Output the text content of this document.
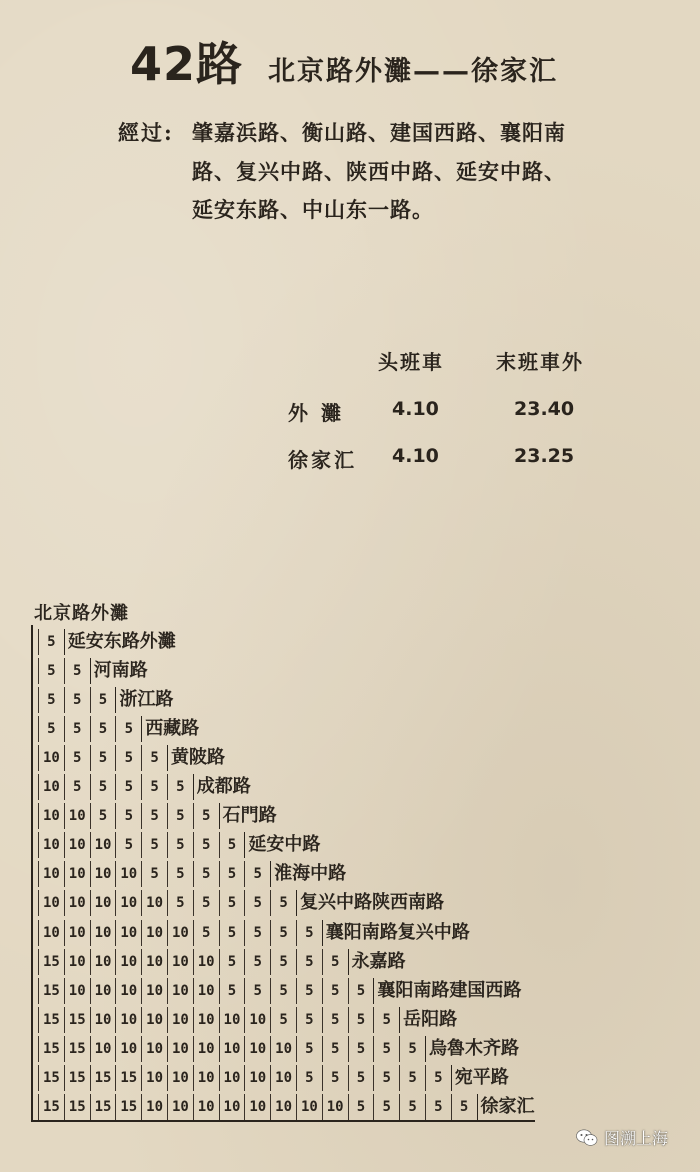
42路 北京路外灘——徐家汇
經过: 肇嘉浜路、衡山路、建国西路、襄阳南
路、复兴中路、陕西中路、延安中路、
延安东路、中山东一路。
头班車	末班車外
外 灘	4.10	23.40
徐家汇 4.10	23.25
北京路外灘
5 延安东路外灘
5	5 河南路
5	5	5 浙江路
5	5	5	5 西藏路
10 5	5	5	5 黄陂路
10 5	5	5	5	5 成都路
10 10 5	5	5	5	5 石門路
10 10 10 5	5	5	5	5 延安中路
10 10 10 10 5	5	5	5	5 淮海中路
10 10 10 10 10 5	5	5	5	5 复兴中路陕西南路
10 10 10 10 10 10 5	5	5	5	5 襄阳南路复兴中路
15 10 10 10 10 10 10 5	5	5	5	5 永嘉路
15 10 10 10 10 10 10 5	5	5	5	5	5 襄阳南路建国西路
15 15 10 10 10 10 10 10 10 5	5	5	5	5 岳阳路
15 15 10 10 10 10 10 10 10 10 5	5	5	5	5 烏魯木齐路
15 15 15 15 10 10 10 10 10 10 5	5	5	5	5	5 宛平路
15 15 15 15 10 10 10 10 10 10 10 10 5	5	5	5	5 徐家汇
图溯上海
